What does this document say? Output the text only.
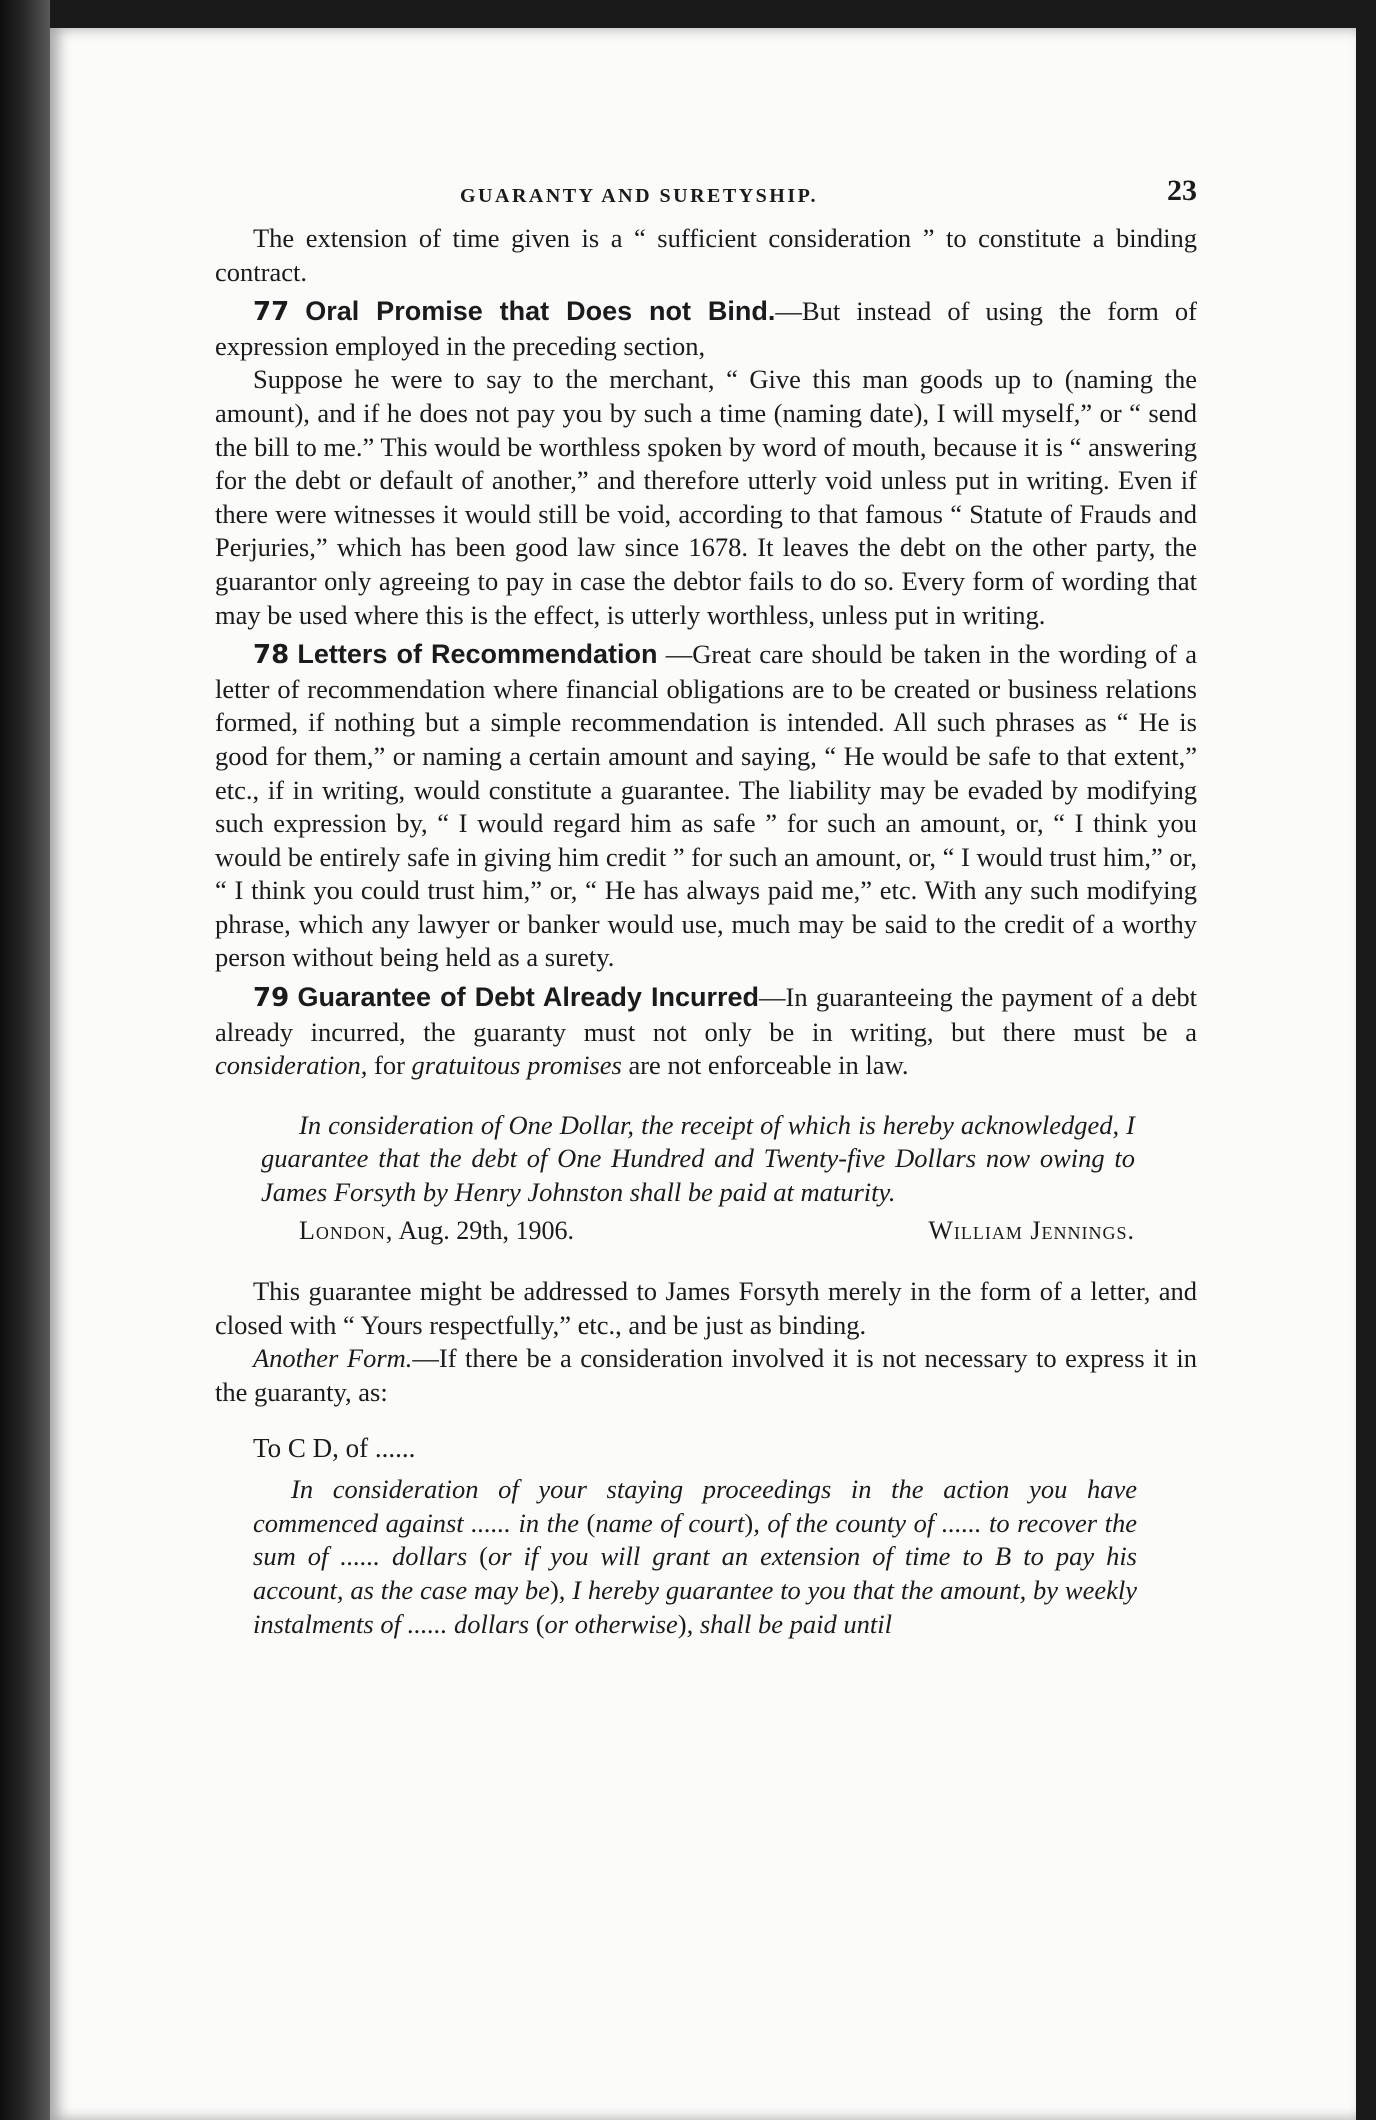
GUARANTY AND SURETYSHIP.	23

The extension of time given is a “ sufficient consideration ” to constitute a binding contract.

77 Oral Promise that Does not Bind.—But instead of using the form of expression employed in the preceding section,

Suppose he were to say to the merchant, “ Give this man goods up to (naming the amount), and if he does not pay you by such a time (naming date), I will myself,” or “ send the bill to me.” This would be worthless spoken by word of mouth, because it is “ answering for the debt or default of another,” and therefore utterly void unless put in writing. Even if there were witnesses it would still be void, according to that famous “ Statute of Frauds and Perjuries,” which has been good law since 1678. It leaves the debt on the other party, the guarantor only agreeing to pay in case the debtor fails to do so. Every form of wording that may be used where this is the effect, is utterly worthless, unless put in writing.

78 Letters of Recommendation —Great care should be taken in the wording of a letter of recommendation where financial obligations are to be created or business relations formed, if nothing but a simple recommendation is intended. All such phrases as “ He is good for them,” or naming a certain amount and saying, “ He would be safe to that extent,” etc., if in writing, would constitute a guarantee. The liability may be evaded by modifying such expression by, “ I would regard him as safe ” for such an amount, or, “ I think you would be entirely safe in giving him credit ” for such an amount, or, “ I would trust him,” or, “ I think you could trust him,” or, “ He has always paid me,” etc. With any such modifying phrase, which any lawyer or banker would use, much may be said to the credit of a worthy person without being held as a surety.

79 Guarantee of Debt Already Incurred—In guaranteeing the payment of a debt already incurred, the guaranty must not only be in writing, but there must be a consideration, for gratuitous promises are not enforceable in law.

In consideration of One Dollar, the receipt of which is hereby acknowledged, I guarantee that the debt of One Hundred and Twenty-five Dollars now owing to James Forsyth by Henry Johnston shall be paid at maturity.
London, Aug. 29th, 1906.	William Jennings.

This guarantee might be addressed to James Forsyth merely in the form of a letter, and closed with “ Yours respectfully,” etc., and be just as binding.

Another Form.—If there be a consideration involved it is not necessary to express it in the guaranty, as:

To C D, of ......
In consideration of your staying proceedings in the action you have commenced against ...... in the (name of court), of the county of ...... to recover the sum of ...... dollars (or if you will grant an extension of time to B to pay his account, as the case may be), I hereby guarantee to you that the amount, by weekly instalments of ...... dollars (or otherwise), shall be paid until
